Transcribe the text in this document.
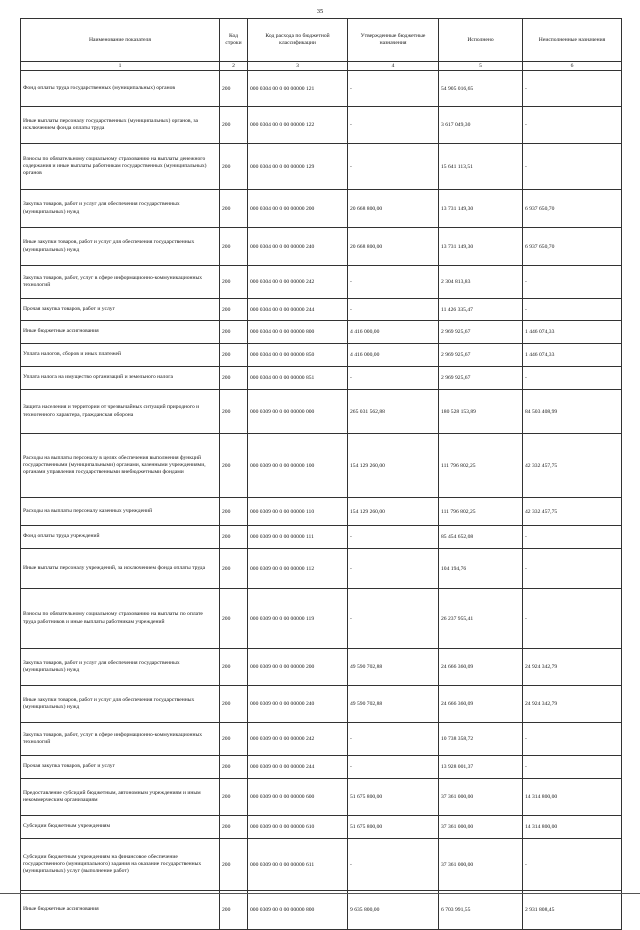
35
Наименование показателя	Код строки	Код расхода по бюджетной классификации	Утвержденные бюджетные назначения	Исполнено	Неисполненные назначения
1	2	3	4	5	6
Фонд оплаты труда государственных (муниципальных) органов	200	000 0304 00 0 00 00000 121	-	54 905 016,65	-
Иные выплаты персоналу государственных (муниципальных) органов, за исключением фонда оплаты труда	200	000 0304 00 0 00 00000 122	-	3 617 049,30	-
Взносы по обязательному социальному страхованию на выплаты денежного содержания и иные выплаты работникам государственных (муниципальных) органов	200	000 0304 00 0 00 00000 129	-	15 641 113,51	-
Закупка товаров, работ и услуг для обеспечения государственных (муниципальных) нужд	200	000 0304 00 0 00 00000 200	20 668 800,00	13 731 149,30	6 937 650,70
Иные закупки товаров, работ и услуг для обеспечения государственных (муниципальных) нужд	200	000 0304 00 0 00 00000 240	20 668 800,00	13 731 149,30	6 937 650,70
Закупка товаров, работ, услуг в сфере информационно-коммуникационных технологий	200	000 0304 00 0 00 00000 242	-	2 304 813,83	-
Прочая закупка товаров, работ и услуг	200	000 0304 00 0 00 00000 244	-	11 426 335,47	-
Иные бюджетные ассигнования	200	000 0304 00 0 00 00000 800	4 416 000,00	2 969 925,67	1 446 074,33
Уплата налогов, сборов и иных платежей	200	000 0304 00 0 00 00000 850	4 416 000,00	2 969 925,67	1 446 074,33
Уплата налога на имущество организаций и земельного налога	200	000 0304 00 0 00 00000 851	-	2 969 925,67	-
Защита населения и территории от чрезвычайных ситуаций природного и техногенного характера, гражданская оборона	200	000 0309 00 0 00 00000 000	265 031 562,88	180 528 153,89	84 503 408,99
Расходы на выплаты персоналу в целях обеспечения выполнения функций государственными (муниципальными) органами, казенными учреждениями, органами управления государственными внебюджетными фондами	200	000 0309 00 0 00 00000 100	154 129 260,00	111 796 802,25	42 332 457,75
Расходы на выплаты персоналу казенных учреждений	200	000 0309 00 0 00 00000 110	154 129 260,00	111 796 802,25	42 332 457,75
Фонд оплаты труда учреждений	200	000 0309 00 0 00 00000 111	-	85 454 652,08	-
Иные выплаты персоналу учреждений, за исключением фонда оплаты труда	200	000 0309 00 0 00 00000 112	-	104 194,76	-
Взносы по обязательному социальному страхованию на выплаты по оплате труда работников и иные выплаты работникам учреждений	200	000 0309 00 0 00 00000 119	-	26 237 955,41	-
Закупка товаров, работ и услуг для обеспечения государственных (муниципальных) нужд	200	000 0309 00 0 00 00000 200	49 590 702,88	24 666 360,09	24 924 342,79
Иные закупки товаров, работ и услуг для обеспечения государственных (муниципальных) нужд	200	000 0309 00 0 00 00000 240	49 590 702,88	24 666 360,09	24 924 342,79
Закупка товаров, работ, услуг в сфере информационно-коммуникационных технологий	200	000 0309 00 0 00 00000 242	-	10 738 358,72	-
Прочая закупка товаров, работ и услуг	200	000 0309 00 0 00 00000 244	-	13 928 001,37	-
Предоставление субсидий бюджетным, автономным учреждениям и иным некоммерческим организациям	200	000 0309 00 0 00 00000 600	51 675 800,00	37 361 000,00	14 314 800,00
Субсидии бюджетным учреждениям	200	000 0309 00 0 00 00000 610	51 675 800,00	37 361 000,00	14 314 800,00
Субсидии бюджетным учреждениям на финансовое обеспечение государственного (муниципального) задания на оказание государственных (муниципальных) услуг (выполнение работ)	200	000 0309 00 0 00 00000 611	-	37 361 000,00	-
Иные бюджетные ассигнования	200	000 0309 00 0 00 00000 800	9 635 800,00	6 703 991,55	2 931 808,45
